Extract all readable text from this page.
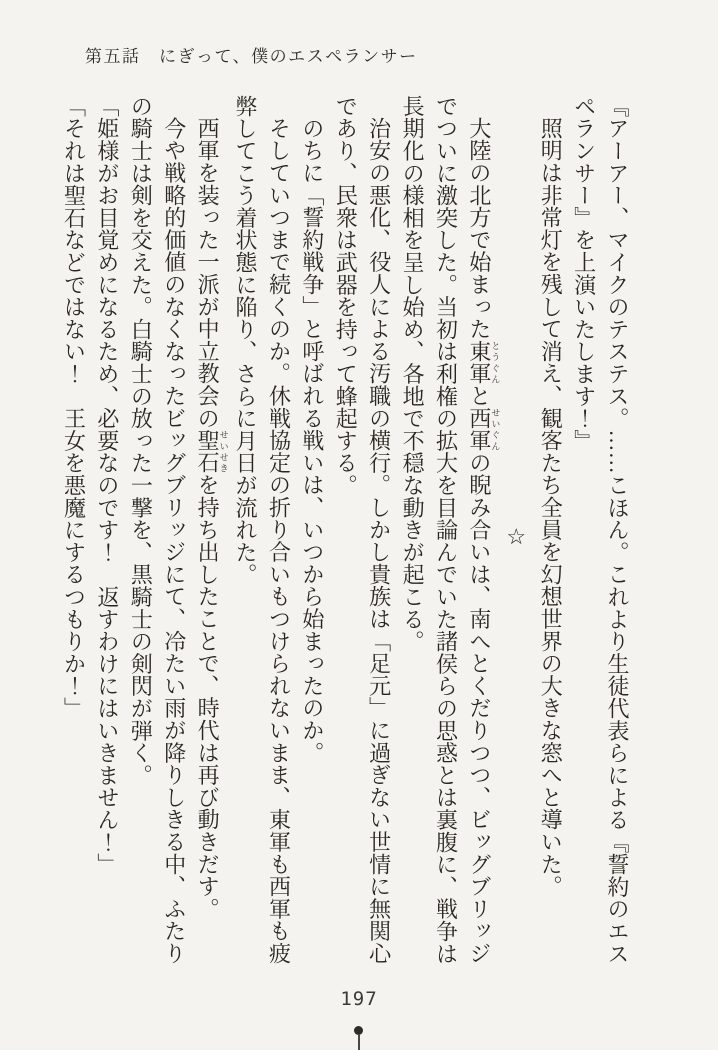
第五話　にぎって、僕のエスペランサー

『アーアー、マイクのテステス。……こほん。これより生徒代表らによる『誓約のエスペランサー』を上演いたします！』

照明は非常灯を残して消え、観客たち全員を幻想世界の大きな窓へと導いた。

☆

大陸の北方で始まった東軍とうぐんと西軍せいぐんの睨み合いは、南へとくだりつつ、ビッグブリッジでついに激突した。当初は利権の拡大を目論んでいた諸侯らの思惑とは裏腹に、戦争は長期化の様相を呈し始め、各地で不穏な動きが起こる。

治安の悪化、役人による汚職の横行。しかし貴族は「足元」に過ぎない世情に無関心であり、民衆は武器を持って蜂起する。

のちに「誓約戦争」と呼ばれる戦いは、いつから始まったのか。

そしていつまで続くのか。休戦協定の折り合いもつけられないまま、東軍も西軍も疲弊してこう着状態に陥り、さらに月日が流れた。

西軍を装った一派が中立教会の聖石せいせきを持ち出したことで、時代は再び動きだす。

今や戦略的価値のなくなったビッグブリッジにて、冷たい雨が降りしきる中、ふたりの騎士は剣を交えた。白騎士の放った一撃を、黒騎士の剣閃が弾く。

「姫様がお目覚めになるため、必要なのです！　返すわけにはいきません！」

「それは聖石などではない！　王女を悪魔にするつもりか！」

197
